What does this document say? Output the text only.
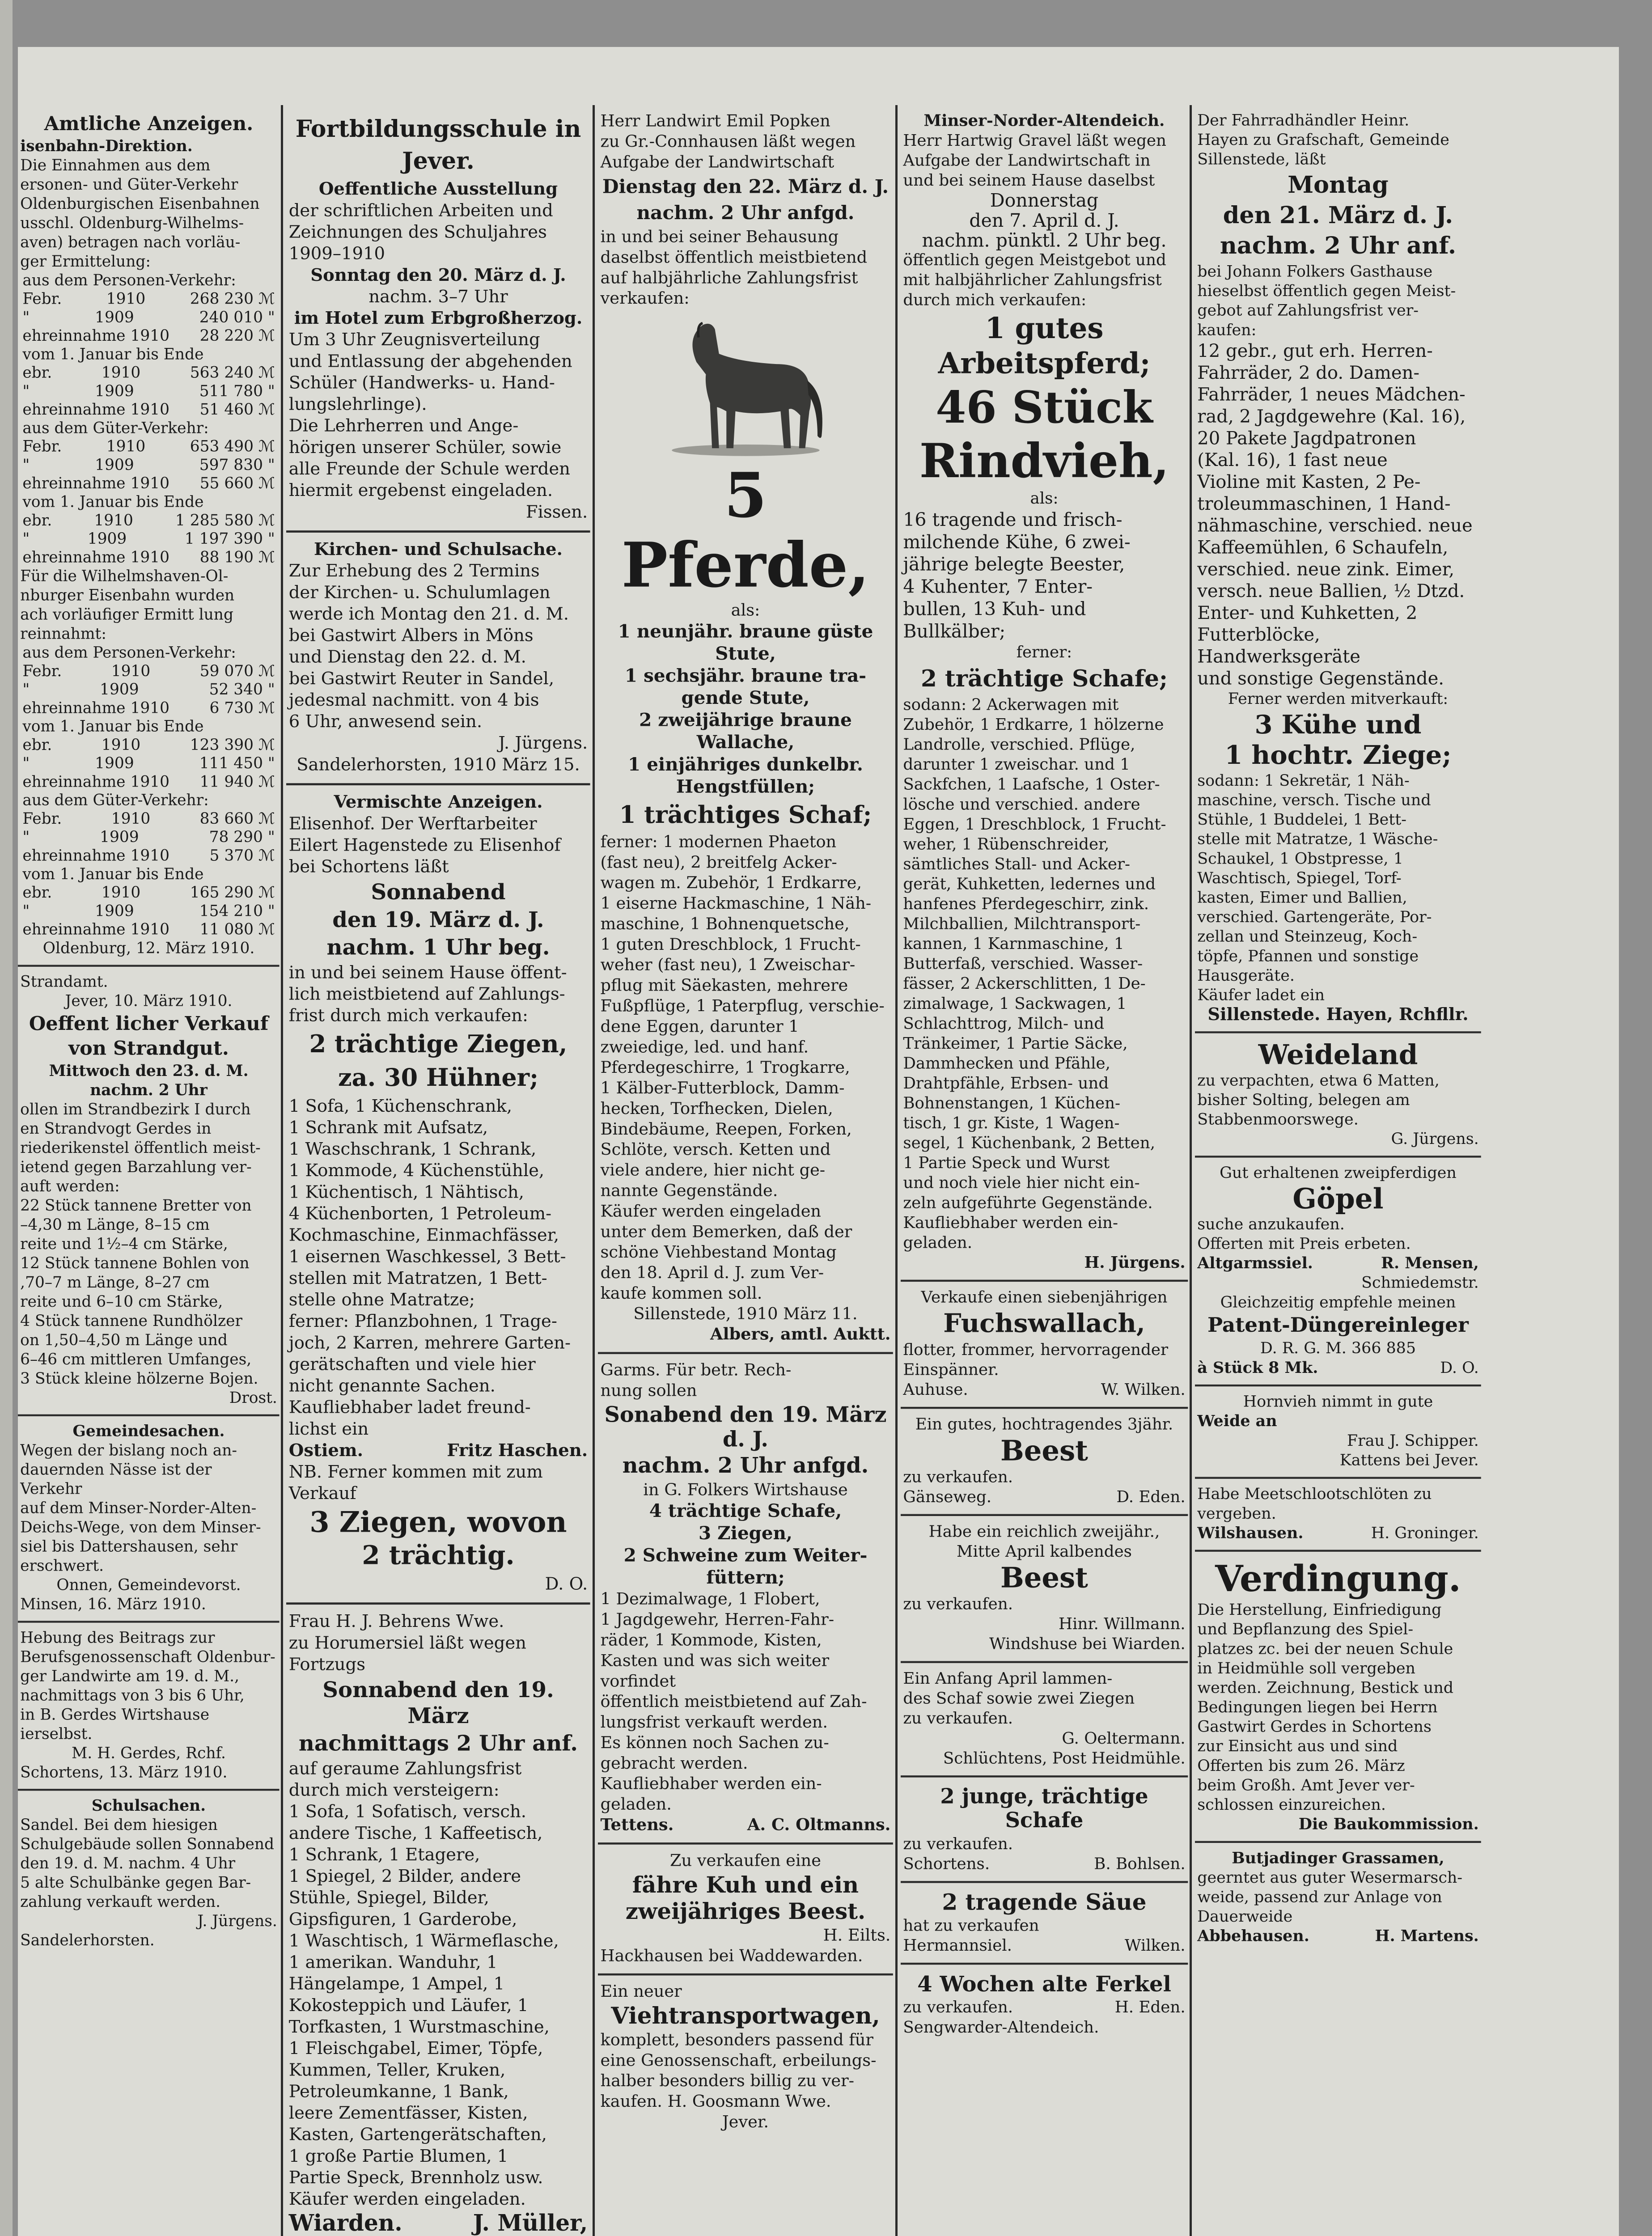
Amtliche Anzeigen.

isenbahn-Direktion.

Die Einnahmen aus dem

ersonen- und Güter-Verkehr

Oldenburgischen Eisenbahnen

usschl. Oldenburg-Wilhelms-

aven) betragen nach vorläu-

ger Ermittelung:

aus dem Personen-Verkehr:
Febr. 1910 268 230 ℳ
"	1909	240 010 "
ehreinnahme 1910 28 220 ℳ
vom 1. Januar bis Ende
ebr.	1910	563 240 ℳ
"	1909	511 780 "
ehreinnahme 1910 51 460 ℳ
aus dem Güter-Verkehr:
Febr. 1910 653 490 ℳ
"	1909	597 830 "
ehreinnahme 1910 55 660 ℳ
vom 1. Januar bis Ende
ebr. 1910 1 285 580 ℳ
"	1909	1 197 390 "
ehreinnahme 1910 88 190 ℳ

Für die Wilhelmshaven-Ol-

nburger Eisenbahn wurden

ach vorläufiger Ermitt lung

reinnahmt:

aus dem Personen-Verkehr:
Febr.	1910	59 070 ℳ
"	1909	52 340 "
ehreinnahme 1910 6 730 ℳ
vom 1. Januar bis Ende
ebr.	1910	123 390 ℳ
"	1909	111 450 "
ehreinnahme 1910 11 940 ℳ
aus dem Güter-Verkehr:
Febr.	1910	83 660 ℳ
"	1909	78 290 "
ehreinnahme 1910 5 370 ℳ
vom 1. Januar bis Ende
ebr.	1910	165 290 ℳ
"	1909	154 210 "
ehreinnahme 1910 11 080 ℳ

Oldenburg, 12. März 1910.

Strandamt.

Jever, 10. März 1910.

Oeffent licher Verkauf

von Strandgut.

Mittwoch den 23. d. M.

nachm. 2 Uhr

ollen im Strandbezirk I durch

en Strandvogt Gerdes in

riederikenstel öffentlich meist-

ietend gegen Barzahlung ver-

auft werden:

22 Stück tannene Bretter von

–4,30 m Länge, 8–15 cm

reite und 1½–4 cm Stärke,

12 Stück tannene Bohlen von

,70–7 m Länge, 8–27 cm

reite und 6–10 cm Stärke,

4 Stück tannene Rundhölzer

on 1,50–4,50 m Länge und

6–46 cm mittleren Umfanges,

3 Stück kleine hölzerne Bojen.

Drost.

Gemeindesachen.

Wegen der bislang noch an-

dauernden Nässe ist der Verkehr

auf dem Minser-Norder-Alten-

Deichs-Wege, von dem Minser-

siel bis Dattershausen, sehr

erschwert.

Onnen, Gemeindevorst.

Minsen, 16. März 1910.

Hebung des Beitrags zur

Berufsgenossenschaft Oldenbur-

ger Landwirte am 19. d. M.,

nachmittags von 3 bis 6 Uhr,

in B. Gerdes Wirtshause

ierselbst.

M. H. Gerdes, Rchf.

Schortens, 13. März 1910.

Schulsachen.

Sandel. Bei dem hiesigen

Schulgebäude sollen Sonnabend

den 19. d. M. nachm. 4 Uhr

5 alte Schulbänke gegen Bar-

zahlung verkauft werden.

J. Jürgens.

Sandelerhorsten.

Fortbildungsschule in Jever.

Oeffentliche Ausstellung

der schriftlichen Arbeiten und

Zeichnungen des Schuljahres

1909–1910

Sonntag den 20. März d. J.

nachm. 3–7 Uhr

im Hotel zum Erbgroßherzog.

Um 3 Uhr Zeugnisverteilung

und Entlassung der abgehenden

Schüler (Handwerks- u. Hand-

lungslehrlinge).

Die Lehrherren und Ange-

hörigen unserer Schüler, sowie

alle Freunde der Schule werden

hiermit ergebenst eingeladen.

Fissen.

Kirchen- und Schulsache.

Zur Erhebung des 2 Termins

der Kirchen- u. Schulumlagen

werde ich Montag den 21. d. M.

bei Gastwirt Albers in Möns

und Dienstag den 22. d. M.

bei Gastwirt Reuter in Sandel,

jedesmal nachmitt. von 4 bis

6 Uhr, anwesend sein.

J. Jürgens.

Sandelerhorsten, 1910 März 15.

Vermischte Anzeigen.

Elisenhof. Der Werftarbeiter

Eilert Hagenstede zu Elisenhof

bei Schortens läßt

Sonnabend

den 19. März d. J.

nachm. 1 Uhr beg.

in und bei seinem Hause öffent-

lich meistbietend auf Zahlungs-

frist durch mich verkaufen:

2 trächtige Ziegen,

za. 30 Hühner;

1 Sofa, 1 Küchenschrank,

1 Schrank mit Aufsatz,

1 Waschschrank, 1 Schrank,

1 Kommode, 4 Küchenstühle,

1 Küchentisch, 1 Nähtisch,

4 Küchenborten, 1 Petroleum-

Kochmaschine, Einmachfässer,

1 eisernen Waschkessel, 3 Bett-

stellen mit Matratzen, 1 Bett-

stelle ohne Matratze;

ferner: Pflanzbohnen, 1 Trage-

joch, 2 Karren, mehrere Garten-

gerätschaften und viele hier

nicht genannte Sachen.

Kaufliebhaber ladet freund-

lichst ein

Ostiem.	Fritz Haschen.

NB. Ferner kommen mit zum

Verkauf

3 Ziegen, wovon

2 trächtig.

D. O.

Frau H. J. Behrens Wwe.

zu Horumersiel läßt wegen

Fortzugs

Sonnabend den 19. März

nachmittags 2 Uhr anf.

auf geraume Zahlungsfrist

durch mich versteigern:

1 Sofa, 1 Sofatisch, versch.

andere Tische, 1 Kaffeetisch,

1 Schrank, 1 Etagere,

1 Spiegel, 2 Bilder, andere

Stühle, Spiegel, Bilder,

Gipsfiguren, 1 Garderobe,

1 Waschtisch, 1 Wärmeflasche,

1 amerikan. Wanduhr, 1

Hängelampe, 1 Ampel, 1

Kokosteppich und Läufer, 1

Torfkasten, 1 Wurstmaschine,

1 Fleischgabel, Eimer, Töpfe,

Kummen, Teller, Kruken,

Petroleumkanne, 1 Bank,

leere Zementfässer, Kisten,

Kasten, Gartengerätschaften,

1 große Partie Blumen, 1

Partie Speck, Brennholz usw.

Käufer werden eingeladen.

Wiarden.	J. Müller,

Herr Landwirt Emil Popken

zu Gr.-Connhausen läßt wegen

Aufgabe der Landwirtschaft

Dienstag den 22. März d. J.

nachm. 2 Uhr anfgd.

in und bei seiner Behausung

daselbst öffentlich meistbietend

auf halbjährliche Zahlungsfrist

verkaufen:

5 Pferde,

als:

1 neunjähr. braune güste

Stute,

1 sechsjähr. braune tra-

gende Stute,

2 zweijährige braune

Wallache,

1 einjähriges dunkelbr.

Hengstfüllen;

1 trächtiges Schaf;

ferner: 1 modernen Phaeton

(fast neu), 2 breitfelg Acker-

wagen m. Zubehör, 1 Erdkarre,

1 eiserne Hackmaschine, 1 Näh-

maschine, 1 Bohnenquetsche,

1 guten Dreschblock, 1 Frucht-

weher (fast neu), 1 Zweischar-

pflug mit Säekasten, mehrere

Fußpflüge, 1 Paterpflug, verschie-

dene Eggen, darunter 1

zweiedige, led. und hanf.

Pferdegeschirre, 1 Trogkarre,

1 Kälber-Futterblock, Damm-

hecken, Torfhecken, Dielen,

Bindebäume, Reepen, Forken,

Schlöte, versch. Ketten und

viele andere, hier nicht ge-

nannte Gegenstände.

Käufer werden eingeladen

unter dem Bemerken, daß der

schöne Viehbestand Montag

den 18. April d. J. zum Ver-

kaufe kommen soll.

Sillenstede, 1910 März 11.

Albers, amtl. Auktt.

Garms. Für betr. Rech-

nung sollen

Sonabend den 19. März d. J.

nachm. 2 Uhr anfgd.

in G. Folkers Wirtshause

4 trächtige Schafe,

3 Ziegen,

2 Schweine zum Weiter-

füttern;

1 Dezimalwage, 1 Flobert,

1 Jagdgewehr, Herren-Fahr-

räder, 1 Kommode, Kisten,

Kasten und was sich weiter

vorfindet

öffentlich meistbietend auf Zah-

lungsfrist verkauft werden.

Es können noch Sachen zu-

gebracht werden.

Kaufliebhaber werden ein-

geladen.

Tettens.	A. C. Oltmanns.

Zu verkaufen eine

fähre Kuh und ein

zweijähriges Beest.

H. Eilts.

Hackhausen bei Waddewarden.

Ein neuer

Viehtransportwagen,

komplett, besonders passend für

eine Genossenschaft, erbeilungs-

halber besonders billig zu ver-

kaufen. H. Goosmann Wwe.

Jever.

Minser-Norder-Altendeich.

Herr Hartwig Gravel läßt wegen

Aufgabe der Landwirtschaft in

und bei seinem Hause daselbst

Donnerstag

den 7. April d. J.

nachm. pünktl. 2 Uhr beg.

öffentlich gegen Meistgebot und

mit halbjährlicher Zahlungsfrist

durch mich verkaufen:

1 gutes

Arbeitspferd;

46 Stück

Rindvieh,

als:

16 tragende und frisch-

milchende Kühe, 6 zwei-

jährige belegte Beester,

4 Kuhenter, 7 Enter-

bullen, 13 Kuh- und

Bullkälber;

ferner:

2 trächtige Schafe;

sodann: 2 Ackerwagen mit

Zubehör, 1 Erdkarre, 1 hölzerne

Landrolle, verschied. Pflüge,

darunter 1 zweischar. und 1

Sackfchen, 1 Laafsche, 1 Oster-

lösche und verschied. andere

Eggen, 1 Dreschblock, 1 Frucht-

weher, 1 Rübenschreider,

sämtliches Stall- und Acker-

gerät, Kuhketten, ledernes und

hanfenes Pferdegeschirr, zink.

Milchballien, Milchtransport-

kannen, 1 Karnmaschine, 1

Butterfaß, verschied. Wasser-

fässer, 2 Ackerschlitten, 1 De-

zimalwage, 1 Sackwagen, 1

Schlachttrog, Milch- und

Tränkeimer, 1 Partie Säcke,

Dammhecken und Pfähle,

Drahtpfähle, Erbsen- und

Bohnenstangen, 1 Küchen-

tisch, 1 gr. Kiste, 1 Wagen-

segel, 1 Küchenbank, 2 Betten,

1 Partie Speck und Wurst

und noch viele hier nicht ein-

zeln aufgeführte Gegenstände.

Kaufliebhaber werden ein-

geladen.

H. Jürgens.

Verkaufe einen siebenjährigen

Fuchswallach,

flotter, frommer, hervorragender

Einspänner.

Auhuse.	W. Wilken.

Ein gutes, hochtragendes 3jähr.

Beest

zu verkaufen.

Gänseweg.	D. Eden.

Habe ein reichlich zweijähr.,

Mitte April kalbendes

Beest

zu verkaufen.

Hinr. Willmann.

Windshuse bei Wiarden.

Ein Anfang April lammen-

des Schaf sowie zwei Ziegen

zu verkaufen.

G. Oeltermann.

Schlüchtens, Post Heidmühle.

2 junge, trächtige Schafe

zu verkaufen.

Schortens.	B. Bohlsen.

2 tragende Säue

hat zu verkaufen

Hermannsiel.	Wilken.

4 Wochen alte Ferkel

zu verkaufen.	H. Eden.

Sengwarder-Altendeich.

Der Fahrradhändler Heinr.

Hayen zu Grafschaft, Gemeinde

Sillenstede, läßt

Montag

den 21. März d. J.

nachm. 2 Uhr anf.

bei Johann Folkers Gasthause

hieselbst öffentlich gegen Meist-

gebot auf Zahlungsfrist ver-

kaufen:

12 gebr., gut erh. Herren-

Fahrräder, 2 do. Damen-

Fahrräder, 1 neues Mädchen-

rad, 2 Jagdgewehre (Kal. 16),

20 Pakete Jagdpatronen

(Kal. 16), 1 fast neue

Violine mit Kasten, 2 Pe-

troleummaschinen, 1 Hand-

nähmaschine, verschied. neue

Kaffeemühlen, 6 Schaufeln,

verschied. neue zink. Eimer,

versch. neue Ballien, ½ Dtzd.

Enter- und Kuhketten, 2

Futterblöcke, Handwerksgeräte

und sonstige Gegenstände.

Ferner werden mitverkauft:

3 Kühe und

1 hochtr. Ziege;

sodann: 1 Sekretär, 1 Näh-

maschine, versch. Tische und

Stühle, 1 Buddelei, 1 Bett-

stelle mit Matratze, 1 Wäsche-

Schaukel, 1 Obstpresse, 1

Waschtisch, Spiegel, Torf-

kasten, Eimer und Ballien,

verschied. Gartengeräte, Por-

zellan und Steinzeug, Koch-

töpfe, Pfannen und sonstige

Hausgeräte.

Käufer ladet ein

Sillenstede. Hayen, Rchfllr.

Weideland

zu verpachten, etwa 6 Matten,

bisher Solting, belegen am

Stabbenmoorswege.

G. Jürgens.

Gut erhaltenen zweipferdigen

Göpel

suche anzukaufen.

Offerten mit Preis erbeten.

Altgarmssiel.	R. Mensen,

Schmiedemstr.

Gleichzeitig empfehle meinen

Patent-Düngereinleger

D. R. G. M. 366 885

à Stück 8 Mk.	D. O.

Hornvieh nimmt in gute

Weide an

Frau J. Schipper.

Kattens bei Jever.

Habe Meetschlootschlöten zu

vergeben.

Wilshausen.	H. Groninger.

Verdingung.

Die Herstellung, Einfriedigung

und Bepflanzung des Spiel-

platzes zc. bei der neuen Schule

in Heidmühle soll vergeben

werden. Zeichnung, Bestick und

Bedingungen liegen bei Herrn

Gastwirt Gerdes in Schortens

zur Einsicht aus und sind

Offerten bis zum 26. März

beim Großh. Amt Jever ver-

schlossen einzureichen.

Die Baukommission.

Butjadinger Grassamen,

geerntet aus guter Wesermarsch-

weide, passend zur Anlage von

Dauerweide

Abbehausen.	H. Martens.
